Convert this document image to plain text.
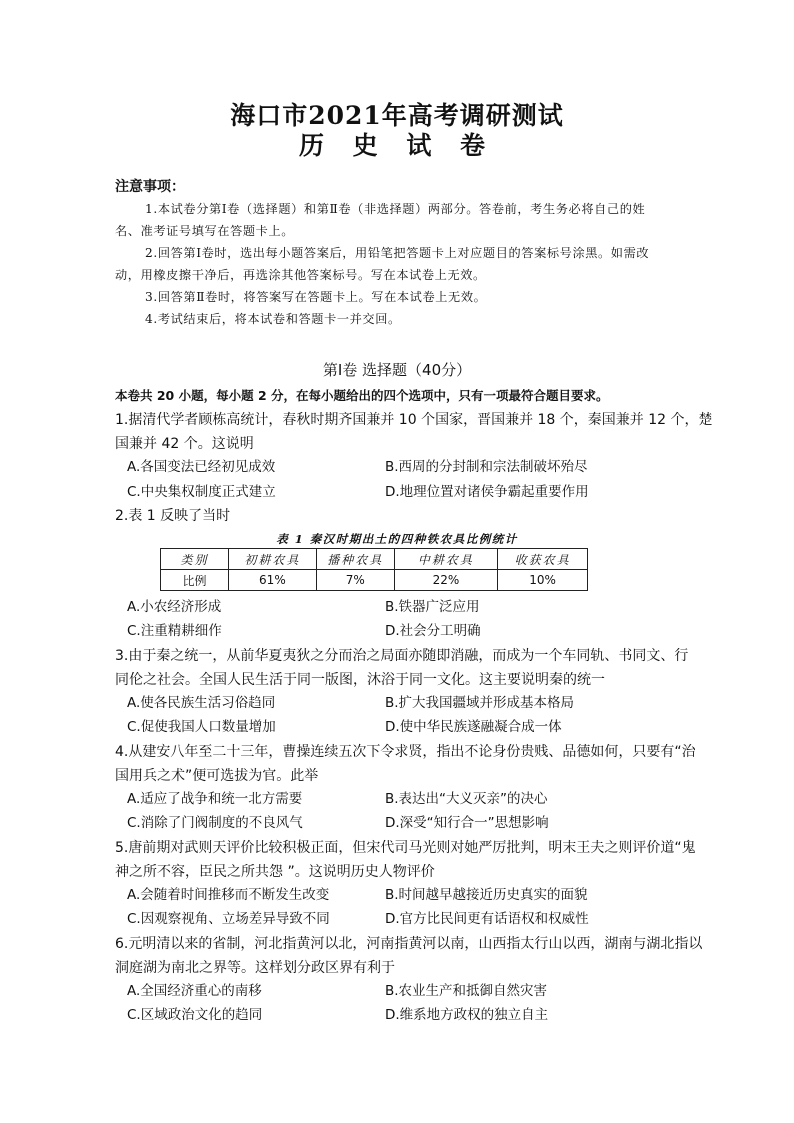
海口市2021年高考调研测试
历 史 试 卷
注意事项：
1.本试卷分第Ⅰ卷（选择题）和第Ⅱ卷（非选择题）两部分。答卷前，考生务必将自己的姓
名、准考证号填写在答题卡上。
2.回答第Ⅰ卷时，选出每小题答案后，用铅笔把答题卡上对应题目的答案标号涂黑。如需改
动，用橡皮擦干净后，再选涂其他答案标号。写在本试卷上无效。
3.回答第Ⅱ卷时，将答案写在答题卡上。写在本试卷上无效。
4.考试结束后，将本试卷和答题卡一并交回。
第Ⅰ卷 选择题（40分）
本卷共 20 小题，每小题 2 分，在每小题给出的四个选项中，只有一项最符合题目要求。
1.据清代学者顾栋高统计，春秋时期齐国兼并 10 个国家，晋国兼并 18 个，秦国兼并 12 个，楚
国兼并 42 个。这说明
A.各国变法已经初见成效	B.西周的分封制和宗法制破坏殆尽
C.中央集权制度正式建立	D.地理位置对诸侯争霸起重要作用
2.表 1 反映了当时
表 1 秦汉时期出土的四种铁农具比例统计
类别	初耕农具	播种农具	中耕农具	收获农具
比例	61%	7%	22%	10%
A.小农经济形成	B.铁器广泛应用
C.注重精耕细作	D.社会分工明确
3.由于秦之统一，从前华夏夷狄之分而治之局面亦随即消融，而成为一个车同轨、书同文、行
同伦之社会。全国人民生活于同一版图，沐浴于同一文化。这主要说明秦的统一
A.使各民族生活习俗趋同	B.扩大我国疆域并形成基本格局
C.促使我国人口数量增加	D.使中华民族遂融凝合成一体
4.从建安八年至二十三年，曹操连续五次下令求贤，指出不论身份贵贱、品德如何，只要有“治
国用兵之术”便可选拔为官。此举
A.适应了战争和统一北方需要	B.表达出“大义灭亲”的决心
C.消除了门阀制度的不良风气	D.深受“知行合一”思想影响
5.唐前期对武则天评价比较积极正面，但宋代司马光则对她严厉批判，明末王夫之则评价道“鬼
神之所不容，臣民之所共怨 ”。这说明历史人物评价
A.会随着时间推移而不断发生改变	B.时间越早越接近历史真实的面貌
C.因观察视角、立场差异导致不同	D.官方比民间更有话语权和权威性
6.元明清以来的省制，河北指黄河以北，河南指黄河以南，山西指太行山以西，湖南与湖北指以
洞庭湖为南北之界等。这样划分政区界有利于
A.全国经济重心的南移	B.农业生产和抵御自然灾害
C.区域政治文化的趋同	D.维系地方政权的独立自主
